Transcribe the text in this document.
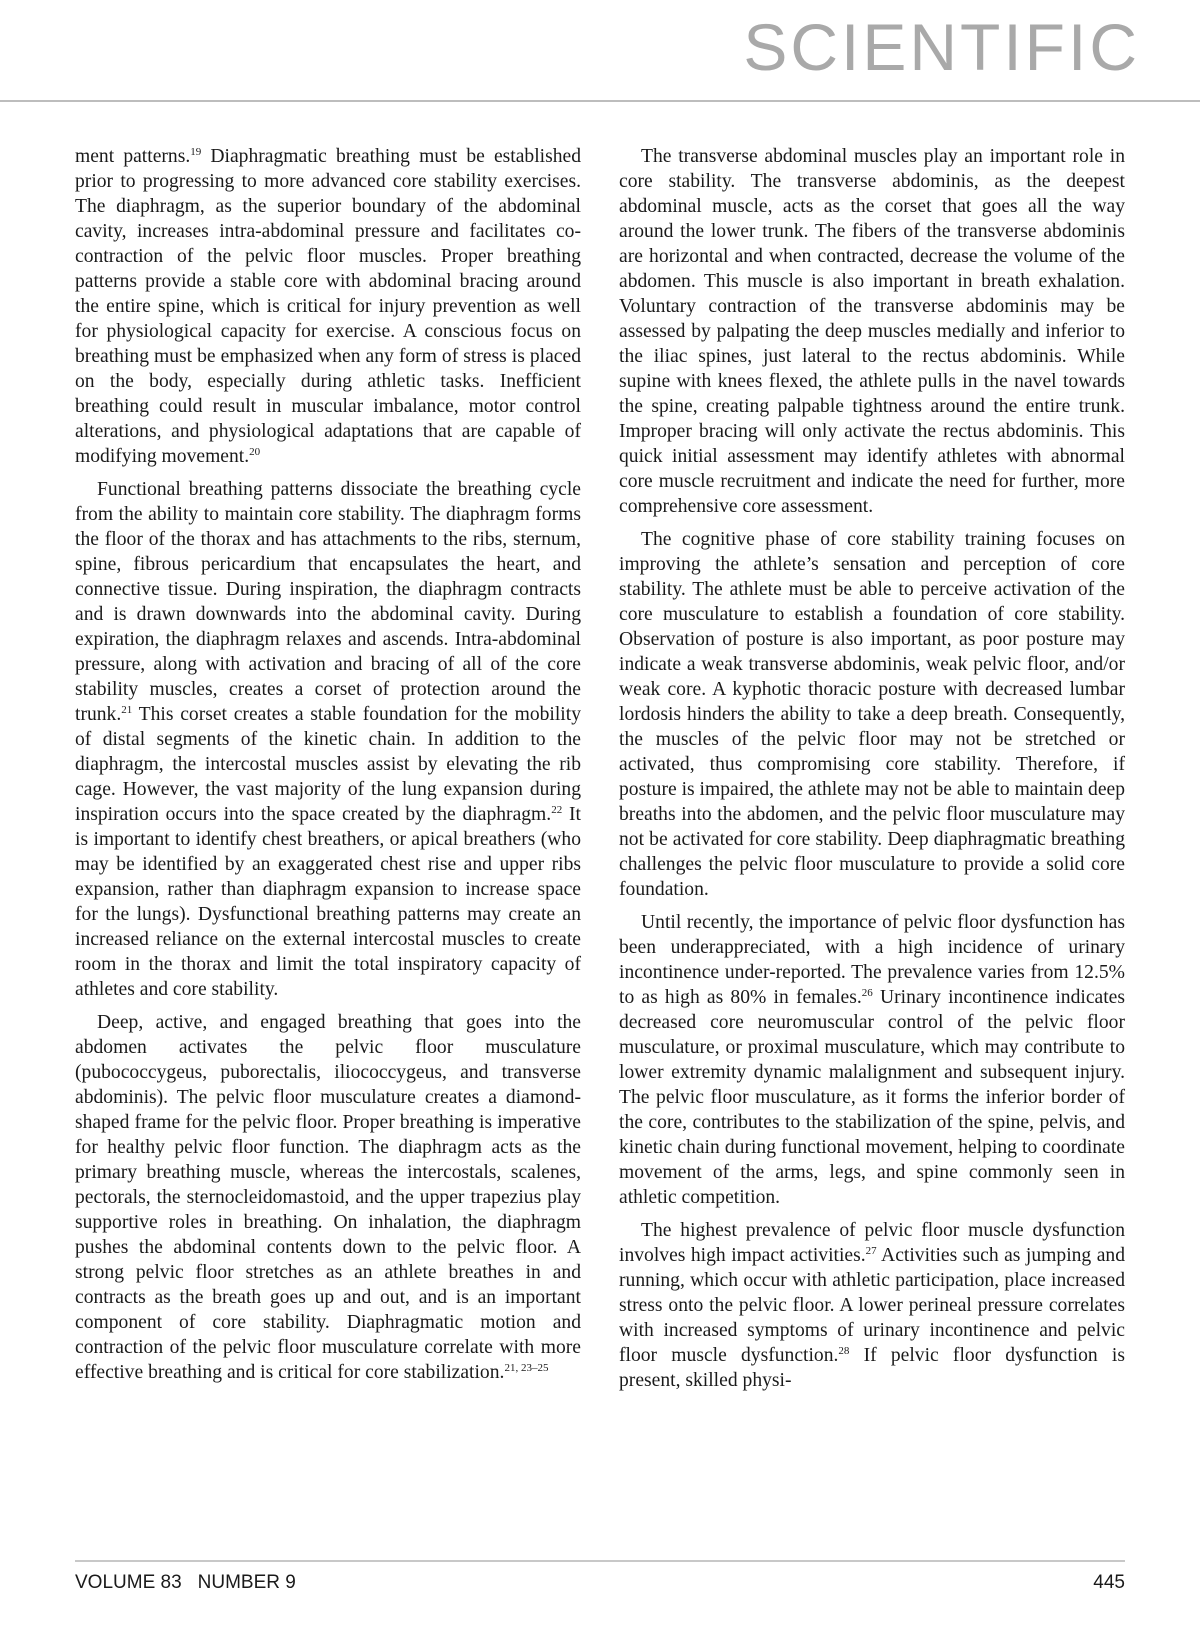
SCIENTIFIC

ment patterns.$^{19}$ Diaphragmatic breathing must be established prior to progressing to more advanced core stability exercises. The diaphragm, as the superior boundary of the abdominal cavity, increases intra-abdominal pressure and facilitates co-contraction of the pelvic floor muscles. Proper breathing patterns provide a stable core with abdominal bracing around the entire spine, which is critical for injury prevention as well for physiological capacity for exercise. A conscious focus on breathing must be emphasized when any form of stress is placed on the body, especially during athletic tasks. Inefficient breathing could result in muscular imbalance, motor control alterations, and physiological adaptations that are capable of modifying movement.$^{20}$

Functional breathing patterns dissociate the breathing cycle from the ability to maintain core stability. The diaphragm forms the floor of the thorax and has attachments to the ribs, sternum, spine, fibrous pericardium that encapsulates the heart, and connective tissue. During inspiration, the diaphragm contracts and is drawn downwards into the abdominal cavity. During expiration, the diaphragm relaxes and ascends. Intra-abdominal pressure, along with activation and bracing of all of the core stability muscles, creates a corset of protection around the trunk.$^{21}$ This corset creates a stable foundation for the mobility of distal segments of the kinetic chain. In addition to the diaphragm, the intercostal muscles assist by elevating the rib cage. However, the vast majority of the lung expansion during inspiration occurs into the space created by the diaphragm.$^{22}$ It is important to identify chest breathers, or apical breathers (who may be identified by an exaggerated chest rise and upper ribs expansion, rather than diaphragm expansion to increase space for the lungs). Dysfunctional breathing patterns may create an increased reliance on the external intercostal muscles to create room in the thorax and limit the total inspiratory capacity of athletes and core stability.

Deep, active, and engaged breathing that goes into the abdomen activates the pelvic floor musculature (pubococcygeus, puborectalis, iliococcygeus, and transverse abdominis). The pelvic floor musculature creates a diamond-shaped frame for the pelvic floor. Proper breathing is imperative for healthy pelvic floor function. The diaphragm acts as the primary breathing muscle, whereas the intercostals, scalenes, pectorals, the sternocleidomastoid, and the upper trapezius play supportive roles in breathing. On inhalation, the diaphragm pushes the abdominal contents down to the pelvic floor. A strong pelvic floor stretches as an athlete breathes in and contracts as the breath goes up and out, and is an important component of core stability. Diaphragmatic motion and contraction of the pelvic floor musculature correlate with more effective breathing and is critical for core stabilization.$^{21, 23-25}$

The transverse abdominal muscles play an important role in core stability. The transverse abdominis, as the deepest abdominal muscle, acts as the corset that goes all the way around the lower trunk. The fibers of the transverse abdominis are horizontal and when contracted, decrease the volume of the abdomen. This muscle is also important in breath exhalation. Voluntary contraction of the transverse abdominis may be assessed by palpating the deep muscles medially and inferior to the iliac spines, just lateral to the rectus abdominis. While supine with knees flexed, the athlete pulls in the navel towards the spine, creating palpable tightness around the entire trunk. Improper bracing will only activate the rectus abdominis. This quick initial assessment may identify athletes with abnormal core muscle recruitment and indicate the need for further, more comprehensive core assessment.

The cognitive phase of core stability training focuses on improving the athlete’s sensation and perception of core stability. The athlete must be able to perceive activation of the core musculature to establish a foundation of core stability. Observation of posture is also important, as poor posture may indicate a weak transverse abdominis, weak pelvic floor, and/or weak core. A kyphotic thoracic posture with decreased lumbar lordosis hinders the ability to take a deep breath. Consequently, the muscles of the pelvic floor may not be stretched or activated, thus compromising core stability. Therefore, if posture is impaired, the athlete may not be able to maintain deep breaths into the abdomen, and the pelvic floor musculature may not be activated for core stability. Deep diaphragmatic breathing challenges the pelvic floor musculature to provide a solid core foundation.

Until recently, the importance of pelvic floor dysfunction has been underappreciated, with a high incidence of urinary incontinence under-reported. The prevalence varies from 12.5% to as high as 80% in females.$^{26}$ Urinary incontinence indicates decreased core neuromuscular control of the pelvic floor musculature, or proximal musculature, which may contribute to lower extremity dynamic malalignment and subsequent injury. The pelvic floor musculature, as it forms the inferior border of the core, contributes to the stabilization of the spine, pelvis, and kinetic chain during functional movement, helping to coordinate movement of the arms, legs, and spine commonly seen in athletic competition.

The highest prevalence of pelvic floor muscle dysfunction involves high impact activities.$^{27}$ Activities such as jumping and running, which occur with athletic participation, place increased stress onto the pelvic floor. A lower perineal pressure correlates with increased symptoms of urinary incontinence and pelvic floor muscle dysfunction.$^{28}$ If pelvic floor dysfunction is present, skilled physi-

VOLUME 83 NUMBER 9	445
